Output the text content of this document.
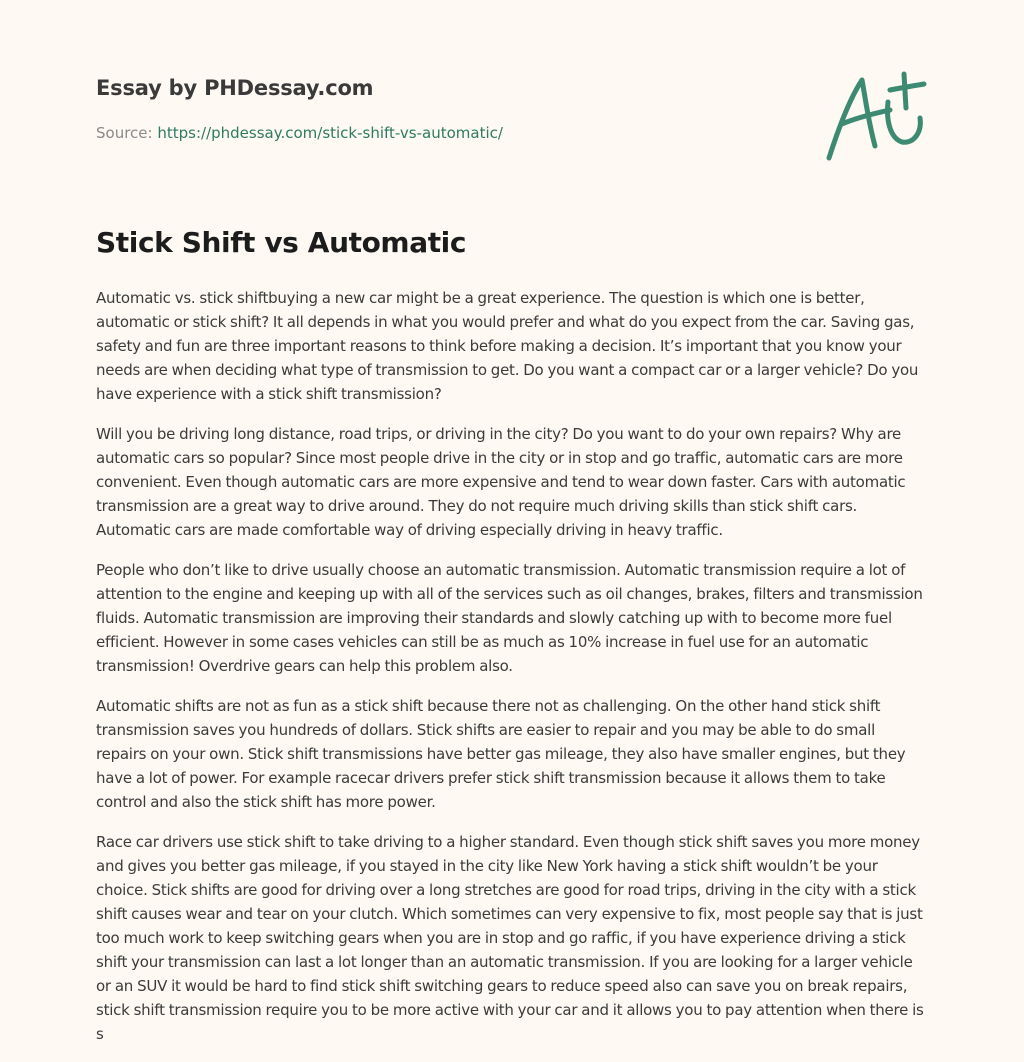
Essay by PHDessay.com
Source: https://phdessay.com/stick-shift-vs-automatic/
Stick Shift vs Automatic

Automatic vs. stick shiftbuying a new car might be a great experience. The question is which one is better, automatic or stick shift? It all depends in what you would prefer and what do you expect from the car. Saving gas, safety and fun are three important reasons to think before making a decision. It’s important that you know your needs are when deciding what type of transmission to get. Do you want a compact car or a larger vehicle? Do you have experience with a stick shift transmission?

Will you be driving long distance, road trips, or driving in the city? Do you want to do your own repairs? Why are automatic cars so popular? Since most people drive in the city or in stop and go traffic, automatic cars are more convenient. Even though automatic cars are more expensive and tend to wear down faster. Cars with automatic transmission are a great way to drive around. They do not require much driving skills than stick shift cars. Automatic cars are made comfortable way of driving especially driving in heavy traffic.

People who don’t like to drive usually choose an automatic transmission. Automatic transmission require a lot of attention to the engine and keeping up with all of the services such as oil changes, brakes, filters and transmission fluids. Automatic transmission are improving their standards and slowly catching up with to become more fuel efficient. However in some cases vehicles can still be as much as 10% increase in fuel use for an automatic transmission! Overdrive gears can help this problem also.

Automatic shifts are not as fun as a stick shift because there not as challenging. On the other hand stick shift transmission saves you hundreds of dollars. Stick shifts are easier to repair and you may be able to do small repairs on your own. Stick shift transmissions have better gas mileage, they also have smaller engines, but they have a lot of power. For example racecar drivers prefer stick shift transmission because it allows them to take control and also the stick shift has more power.

Race car drivers use stick shift to take driving to a higher standard. Even though stick shift saves you more money and gives you better gas mileage, if you stayed in the city like New York having a stick shift wouldn’t be your choice. Stick shifts are good for driving over a long stretches are good for road trips, driving in the city with a stick shift causes wear and tear on your clutch. Which sometimes can very expensive to fix, most people say that is just too much work to keep switching gears when you are in stop and go raffic, if you have experience driving a stick shift your transmission can last a lot longer than an automatic transmission. If you are looking for a larger vehicle or an SUV it would be hard to find stick shift switching gears to reduce speed also can save you on break repairs, stick shift transmission require you to be more active with your car and it allows you to pay attention when there is s
